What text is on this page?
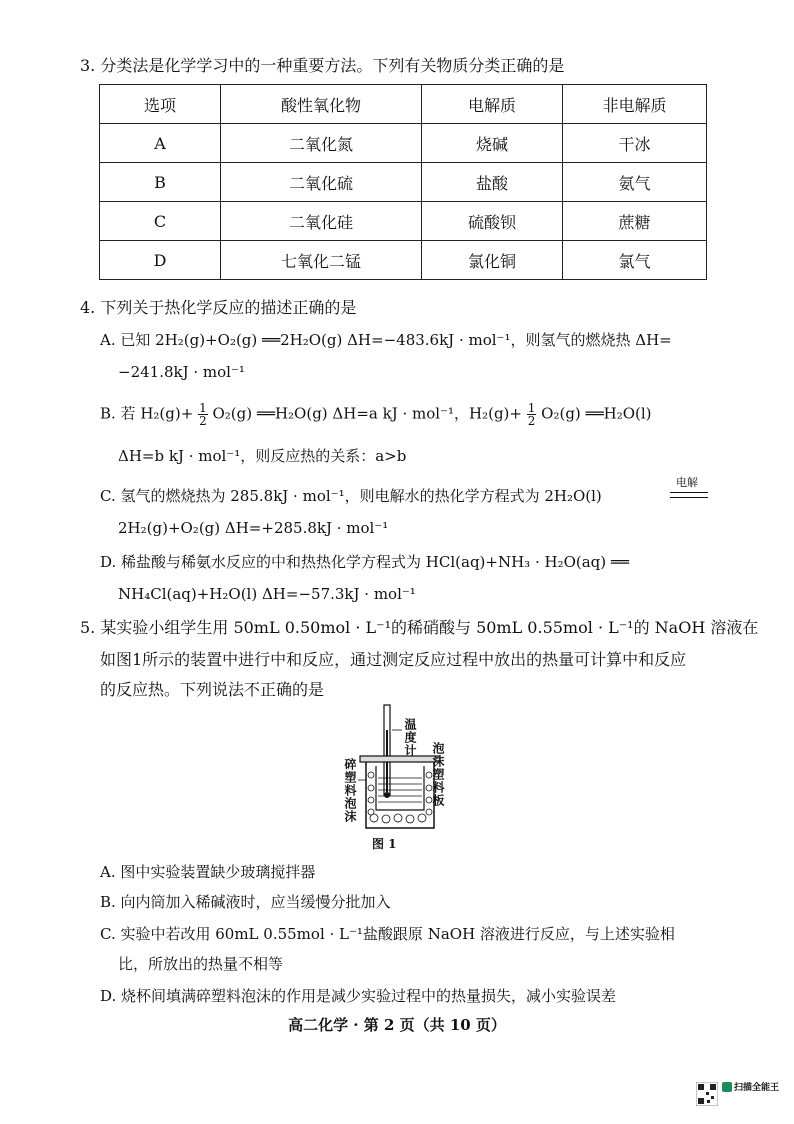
3. 分类法是化学学习中的一种重要方法。下列有关物质分类正确的是
选项	酸性氧化物	电解质	非电解质
A	二氧化氮	烧碱	干冰
B	二氧化硫	盐酸	氨气
C	二氧化硅	硫酸钡	蔗糖
D	七氧化二锰	氯化铜	氯气
4. 下列关于热化学反应的描述正确的是
A. 已知 2H₂(g)+O₂(g) ══2H₂O(g) ΔH=−483.6kJ · mol⁻¹，则氢气的燃烧热 ΔH=
−241.8kJ · mol⁻¹
B. 若 $H_2(g)+ \frac{1}{2} O_2(g)$ ══H₂O(g) ΔH=a kJ · mol⁻¹，$H_2(g)+ \frac{1}{2} O_2(g)$ ══H₂O(l)
ΔH=b kJ · mol⁻¹，则反应热的关系：a>b
C. 氢气的燃烧热为 285.8kJ · mol⁻¹，则电解水的热化学方程式为 2H₂O(l)
电解
2H₂(g)+O₂(g) ΔH=+285.8kJ · mol⁻¹
D. 稀盐酸与稀氨水反应的中和热热化学方程式为 HCl(aq)+NH₃ · H₂O(aq) ══
NH₄Cl(aq)+H₂O(l) ΔH=−57.3kJ · mol⁻¹
5. 某实验小组学生用 50mL 0.50mol · L⁻¹的稀硝酸与 50mL 0.55mol · L⁻¹的 NaOH 溶液在
如图1所示的装置中进行中和反应，通过测定反应过程中放出的热量可计算中和反应
的反应热。下列说法不正确的是
温度计
泡沫塑料板
碎塑料泡沫
图 1
A. 图中实验装置缺少玻璃搅拌器
B. 向内筒加入稀碱液时，应当缓慢分批加入
C. 实验中若改用 60mL 0.55mol · L⁻¹盐酸跟原 NaOH 溶液进行反应，与上述实验相
比，所放出的热量不相等
D. 烧杯间填满碎塑料泡沫的作用是减少实验过程中的热量损失，减小实验误差
高二化学 · 第 2 页（共 10 页）
扫描全能王
